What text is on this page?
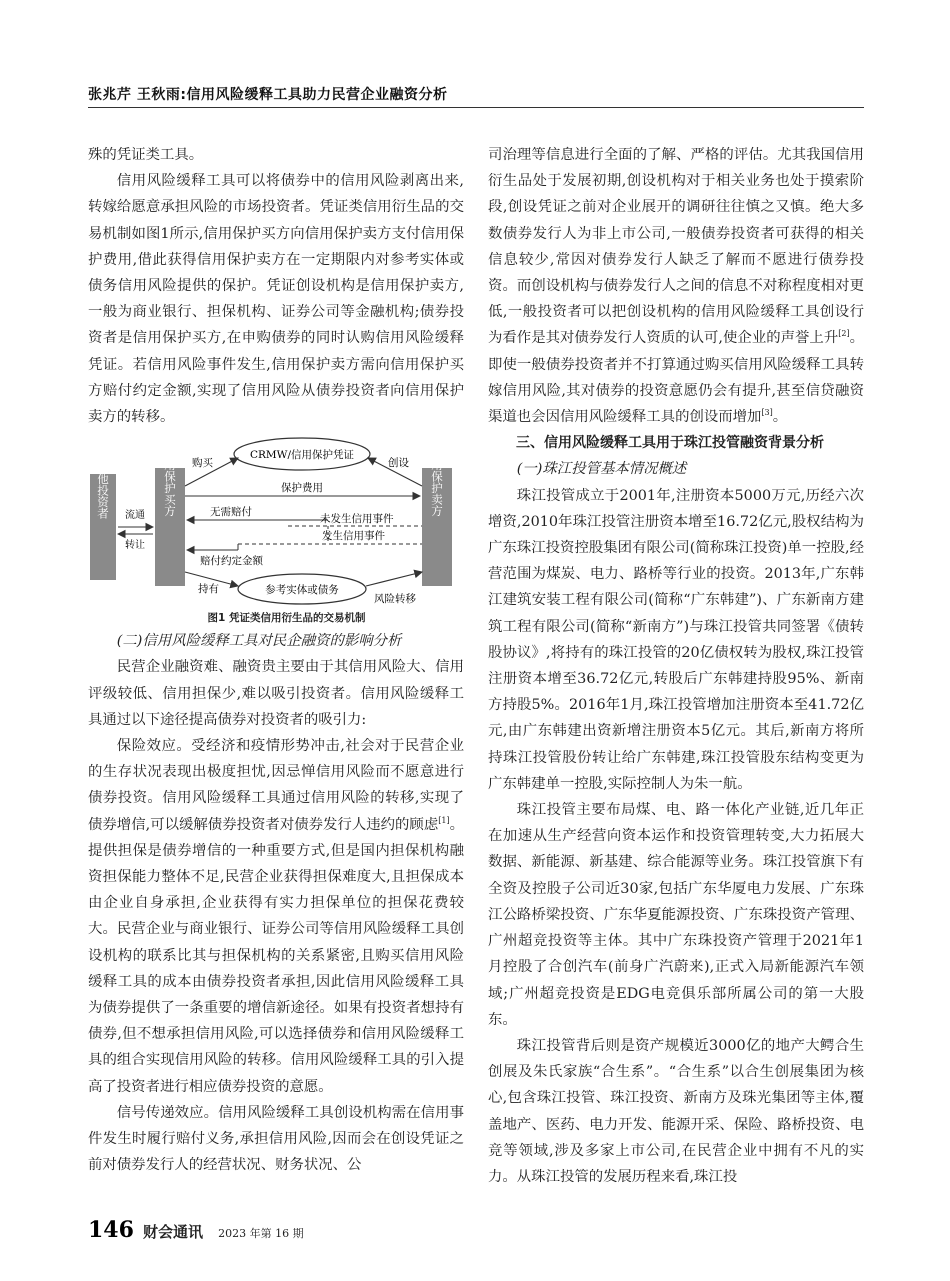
张兆芹 王秋雨:信用风险缓释工具助力民营企业融资分析

殊的凭证类工具。

信用风险缓释工具可以将债券中的信用风险剥离出来,转嫁给愿意承担风险的市场投资者。凭证类信用衍生品的交易机制如图1所示,信用保护买方向信用保护卖方支付信用保护费用,借此获得信用保护卖方在一定期限内对参考实体或债务信用风险提供的保护。凭证创设机构是信用保护卖方,一般为商业银行、担保机构、证券公司等金融机构;债券投资者是信用保护买方,在申购债券的同时认购信用风险缓释凭证。若信用风险事件发生,信用保护卖方需向信用保护买方赔付约定金额,实现了信用风险从债券投资者向信用保护卖方的转移。

其他投资者	信用保护买方	信用保护卖方
CRMW/信用保护凭证
参考实体或债务
购买	创设
保护费用
流通
转让
无需赔付
未发生信用事件
发生信用事件
赔付约定金额
持有
风险转移

图1 凭证类信用衍生品的交易机制

(二)信用风险缓释工具对民企融资的影响分析

民营企业融资难、融资贵主要由于其信用风险大、信用评级较低、信用担保少,难以吸引投资者。信用风险缓释工具通过以下途径提高债券对投资者的吸引力:

保险效应。受经济和疫情形势冲击,社会对于民营企业的生存状况表现出极度担忧,因忌惮信用风险而不愿意进行债券投资。信用风险缓释工具通过信用风险的转移,实现了债券增信,可以缓解债券投资者对债券发行人违约的顾虑[1]。提供担保是债券增信的一种重要方式,但是国内担保机构融资担保能力整体不足,民营企业获得担保难度大,且担保成本由企业自身承担,企业获得有实力担保单位的担保花费较大。民营企业与商业银行、证券公司等信用风险缓释工具创设机构的联系比其与担保机构的关系紧密,且购买信用风险缓释工具的成本由债券投资者承担,因此信用风险缓释工具为债券提供了一条重要的增信新途径。如果有投资者想持有债券,但不想承担信用风险,可以选择债券和信用风险缓释工具的组合实现信用风险的转移。信用风险缓释工具的引入提高了投资者进行相应债券投资的意愿。

信号传递效应。信用风险缓释工具创设机构需在信用事件发生时履行赔付义务,承担信用风险,因而会在创设凭证之前对债券发行人的经营状况、财务状况、公

司治理等信息进行全面的了解、严格的评估。尤其我国信用衍生品处于发展初期,创设机构对于相关业务也处于摸索阶段,创设凭证之前对企业展开的调研往往慎之又慎。绝大多数债券发行人为非上市公司,一般债券投资者可获得的相关信息较少,常因对债券发行人缺乏了解而不愿进行债券投资。而创设机构与债券发行人之间的信息不对称程度相对更低,一般投资者可以把创设机构的信用风险缓释工具创设行为看作是其对债券发行人资质的认可,使企业的声誉上升[2]。即使一般债券投资者并不打算通过购买信用风险缓释工具转嫁信用风险,其对债券的投资意愿仍会有提升,甚至信贷融资渠道也会因信用风险缓释工具的创设而增加[3]。

三、信用风险缓释工具用于珠江投管融资背景分析

(一)珠江投管基本情况概述

珠江投管成立于2001年,注册资本5000万元,历经六次增资,2010年珠江投管注册资本增至16.72亿元,股权结构为广东珠江投资控股集团有限公司(简称珠江投资)单一控股,经营范围为煤炭、电力、路桥等行业的投资。2013年,广东韩江建筑安装工程有限公司(简称“广东韩建”)、广东新南方建筑工程有限公司(简称“新南方”)与珠江投管共同签署《债转股协议》,将持有的珠江投管的20亿债权转为股权,珠江投管注册资本增至36.72亿元,转股后广东韩建持股95%、新南方持股5%。2016年1月,珠江投管增加注册资本至41.72亿元,由广东韩建出资新增注册资本5亿元。其后,新南方将所持珠江投管股份转让给广东韩建,珠江投管股东结构变更为广东韩建单一控股,实际控制人为朱一航。

珠江投管主要布局煤、电、路一体化产业链,近几年正在加速从生产经营向资本运作和投资管理转变,大力拓展大数据、新能源、新基建、综合能源等业务。珠江投管旗下有全资及控股子公司近30家,包括广东华厦电力发展、广东珠江公路桥梁投资、广东华夏能源投资、广东珠投资产管理、广州超竞投资等主体。其中广东珠投资产管理于2021年1月控股了合创汽车(前身广汽蔚来),正式入局新能源汽车领域;广州超竞投资是EDG电竞俱乐部所属公司的第一大股东。

珠江投管背后则是资产规模近3000亿的地产大鳄合生创展及朱氏家族“合生系”。“合生系”以合生创展集团为核心,包含珠江投管、珠江投资、新南方及珠光集团等主体,覆盖地产、医药、电力开发、能源开采、保险、路桥投资、电竞等领域,涉及多家上市公司,在民营企业中拥有不凡的实力。从珠江投管的发展历程来看,珠江投

146 财会通讯 2023 年第 16 期
